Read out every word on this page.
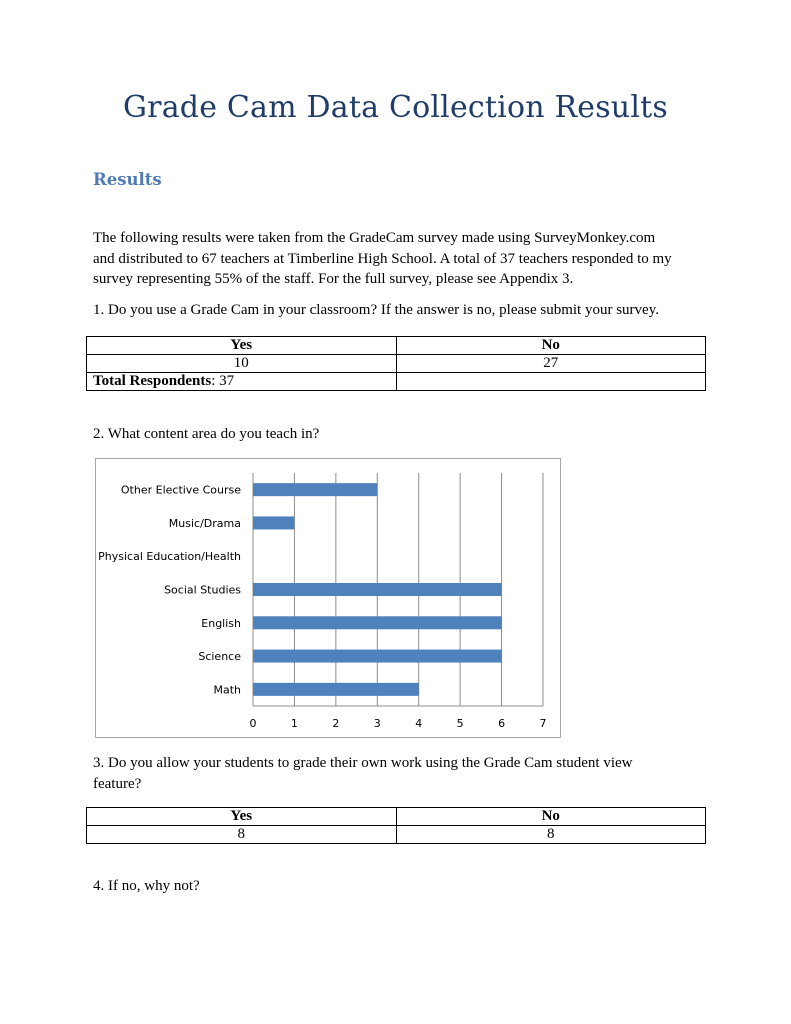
Grade Cam Data Collection Results
Results
The following results were taken from the GradeCam survey made using SurveyMonkey.com
and distributed to 67 teachers at Timberline High School. A total of 37 teachers responded to my
survey representing 55% of the staff. For the full survey, please see Appendix 3.
1. Do you use a Grade Cam in your classroom? If the answer is no, please submit your survey.
Yes	No
10	27
Total Respondents: 37	
2. What content area do you teach in?
Other Elective Course
Music/Drama
Physical Education/Health
Social Studies
English
Science
Math
0	1	2	3	4	5	6	7
3. Do you allow your students to grade their own work using the Grade Cam student view
feature?
Yes	No
8	8
4. If no, why not?
